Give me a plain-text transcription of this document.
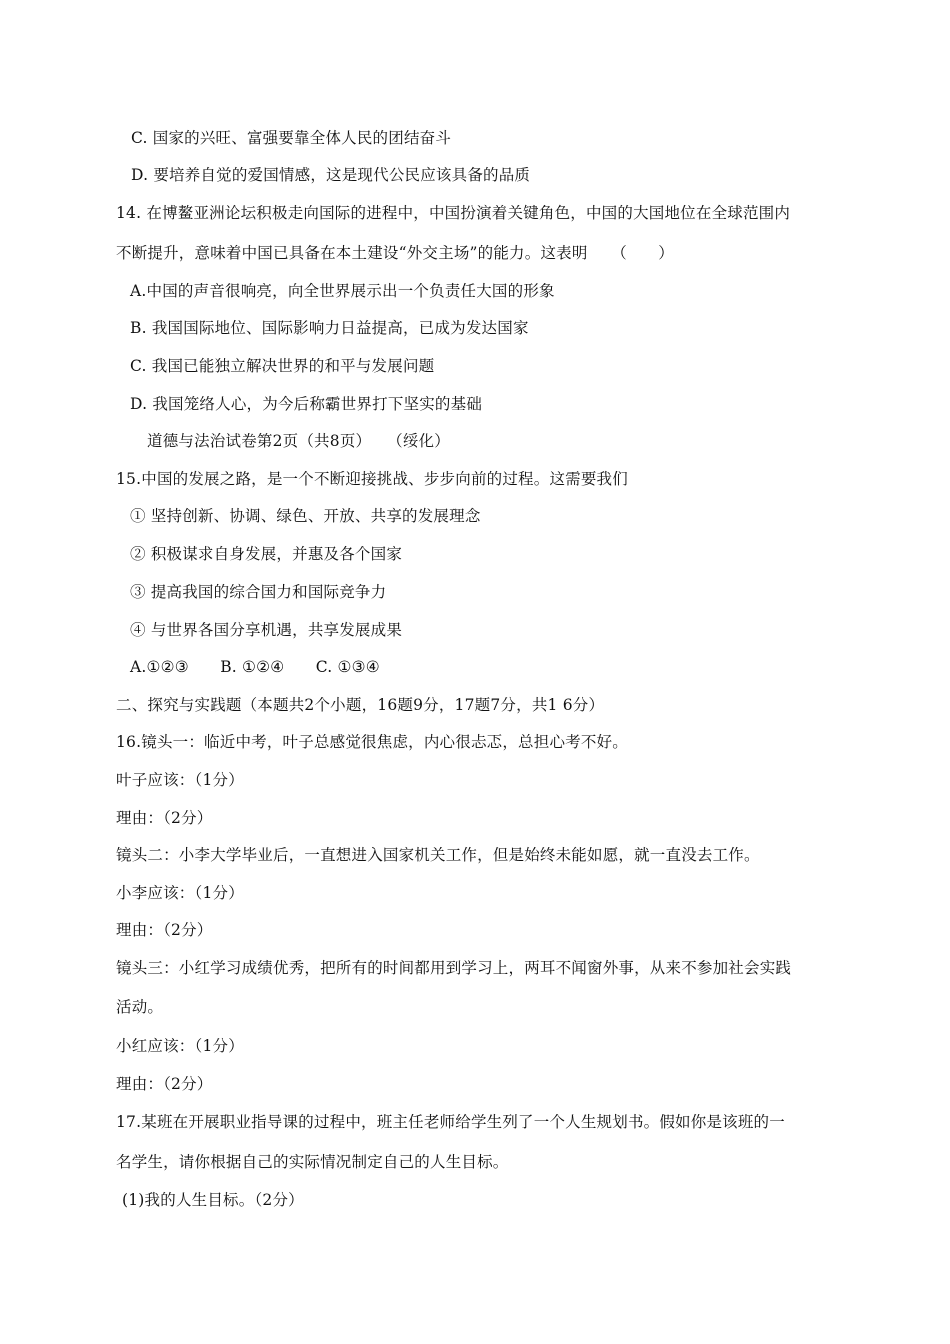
C. 国家的兴旺、富强要靠全体人民的团结奋斗
D. 要培养自觉的爱国情感，这是现代公民应该具备的品质
14. 在博鳌亚洲论坛积极走向国际的进程中，中国扮演着关键角色，中国的大国地位在全球范围内
不断提升，意味着中国已具备在本土建设“外交主场”的能力。这表明　　（　　）
A.中国的声音很响亮，向全世界展示出一个负责任大国的形象
B. 我国国际地位、国际影响力日益提高，已成为发达国家
C. 我国已能独立解决世界的和平与发展问题
D. 我国笼络人心，为今后称霸世界打下坚实的基础
道德与法治试卷第2页（共8页）　　（绥化）
15.中国的发展之路，是一个不断迎接挑战、步步向前的过程。这需要我们
① 坚持创新、协调、绿色、开放、共享的发展理念
② 积极谋求自身发展，并惠及各个国家
③ 提高我国的综合国力和国际竞争力
④ 与世界各国分享机遇，共享发展成果
A.①②③　　B. ①②④　　C. ①③④
二、探究与实践题（本题共2个小题，16题9分，17题7分，共1 6分）
16.镜头一：临近中考，叶子总感觉很焦虑，内心很忐忑，总担心考不好。
叶子应该：（1分）
理由：（2分）
镜头二：小李大学毕业后，一直想进入国家机关工作，但是始终未能如愿，就一直没去工作。
小李应该：（1分）
理由：（2分）
镜头三：小红学习成绩优秀，把所有的时间都用到学习上，两耳不闻窗外事，从来不参加社会实践
活动。
小红应该：（1分）
理由：（2分）
17.某班在开展职业指导课的过程中，班主任老师给学生列了一个人生规划书。假如你是该班的一
名学生，请你根据自己的实际情况制定自己的人生目标。
(1)我的人生目标。（2分）
